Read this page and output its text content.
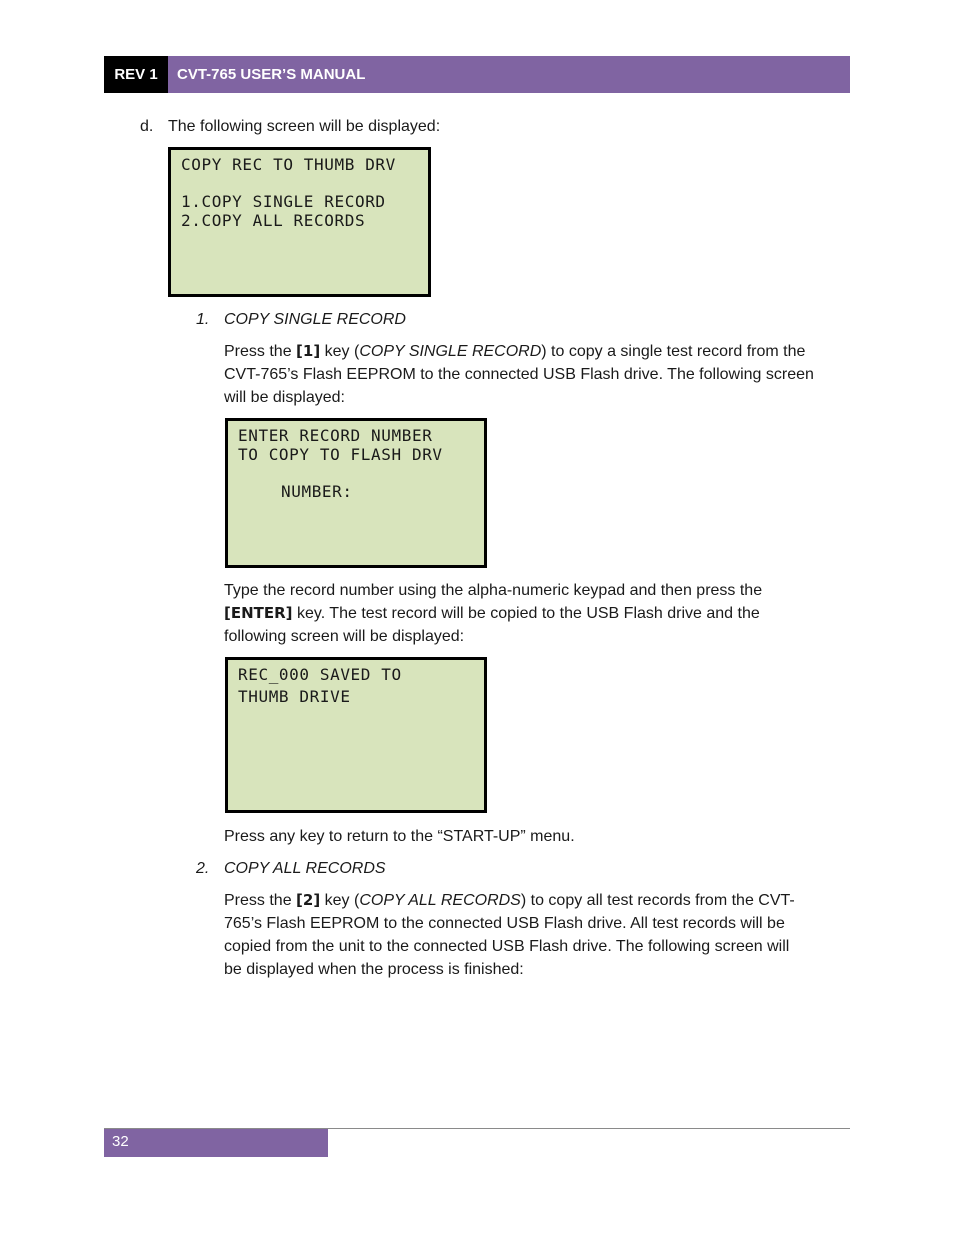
REV 1	CVT-765 USER’S MANUAL
d. The following screen will be displayed:
COPY REC TO THUMB DRV
1.COPY SINGLE RECORD
2.COPY ALL RECORDS
1. COPY SINGLE RECORD
Press the [1] key (COPY SINGLE RECORD) to copy a single test record from the
CVT-765’s Flash EEPROM to the connected USB Flash drive. The following screen
will be displayed:
ENTER RECORD NUMBER
TO COPY TO FLASH DRV
NUMBER:
Type the record number using the alpha-numeric keypad and then press the
[ENTER] key. The test record will be copied to the USB Flash drive and the
following screen will be displayed:
REC_000 SAVED TO
THUMB DRIVE
Press any key to return to the “START-UP” menu.
2. COPY ALL RECORDS
Press the [2] key (COPY ALL RECORDS) to copy all test records from the CVT-
765’s Flash EEPROM to the connected USB Flash drive. All test records will be
copied from the unit to the connected USB Flash drive. The following screen will
be displayed when the process is finished:
32
